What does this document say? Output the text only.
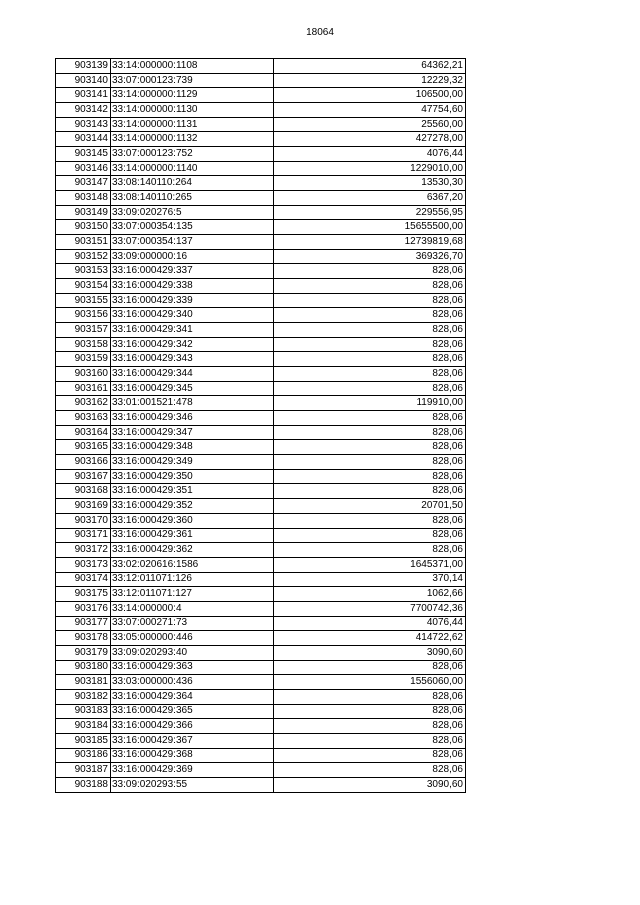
18064
903139	33:14:000000:1108	64362,21
903140	33:07:000123:739	12229,32
903141	33:14:000000:1129	106500,00
903142	33:14:000000:1130	47754,60
903143	33:14:000000:1131	25560,00
903144	33:14:000000:1132	427278,00
903145	33:07:000123:752	4076,44
903146	33:14:000000:1140	1229010,00
903147	33:08:140110:264	13530,30
903148	33:08:140110:265	6367,20
903149	33:09:020276:5	229556,95
903150	33:07:000354:135	15655500,00
903151	33:07:000354:137	12739819,68
903152	33:09:000000:16	369326,70
903153	33:16:000429:337	828,06
903154	33:16:000429:338	828,06
903155	33:16:000429:339	828,06
903156	33:16:000429:340	828,06
903157	33:16:000429:341	828,06
903158	33:16:000429:342	828,06
903159	33:16:000429:343	828,06
903160	33:16:000429:344	828,06
903161	33:16:000429:345	828,06
903162	33:01:001521:478	119910,00
903163	33:16:000429:346	828,06
903164	33:16:000429:347	828,06
903165	33:16:000429:348	828,06
903166	33:16:000429:349	828,06
903167	33:16:000429:350	828,06
903168	33:16:000429:351	828,06
903169	33:16:000429:352	20701,50
903170	33:16:000429:360	828,06
903171	33:16:000429:361	828,06
903172	33:16:000429:362	828,06
903173	33:02:020616:1586	1645371,00
903174	33:12:011071:126	370,14
903175	33:12:011071:127	1062,66
903176	33:14:000000:4	7700742,36
903177	33:07:000271:73	4076,44
903178	33:05:000000:446	414722,62
903179	33:09:020293:40	3090,60
903180	33:16:000429:363	828,06
903181	33:03:000000:436	1556060,00
903182	33:16:000429:364	828,06
903183	33:16:000429:365	828,06
903184	33:16:000429:366	828,06
903185	33:16:000429:367	828,06
903186	33:16:000429:368	828,06
903187	33:16:000429:369	828,06
903188	33:09:020293:55	3090,60
